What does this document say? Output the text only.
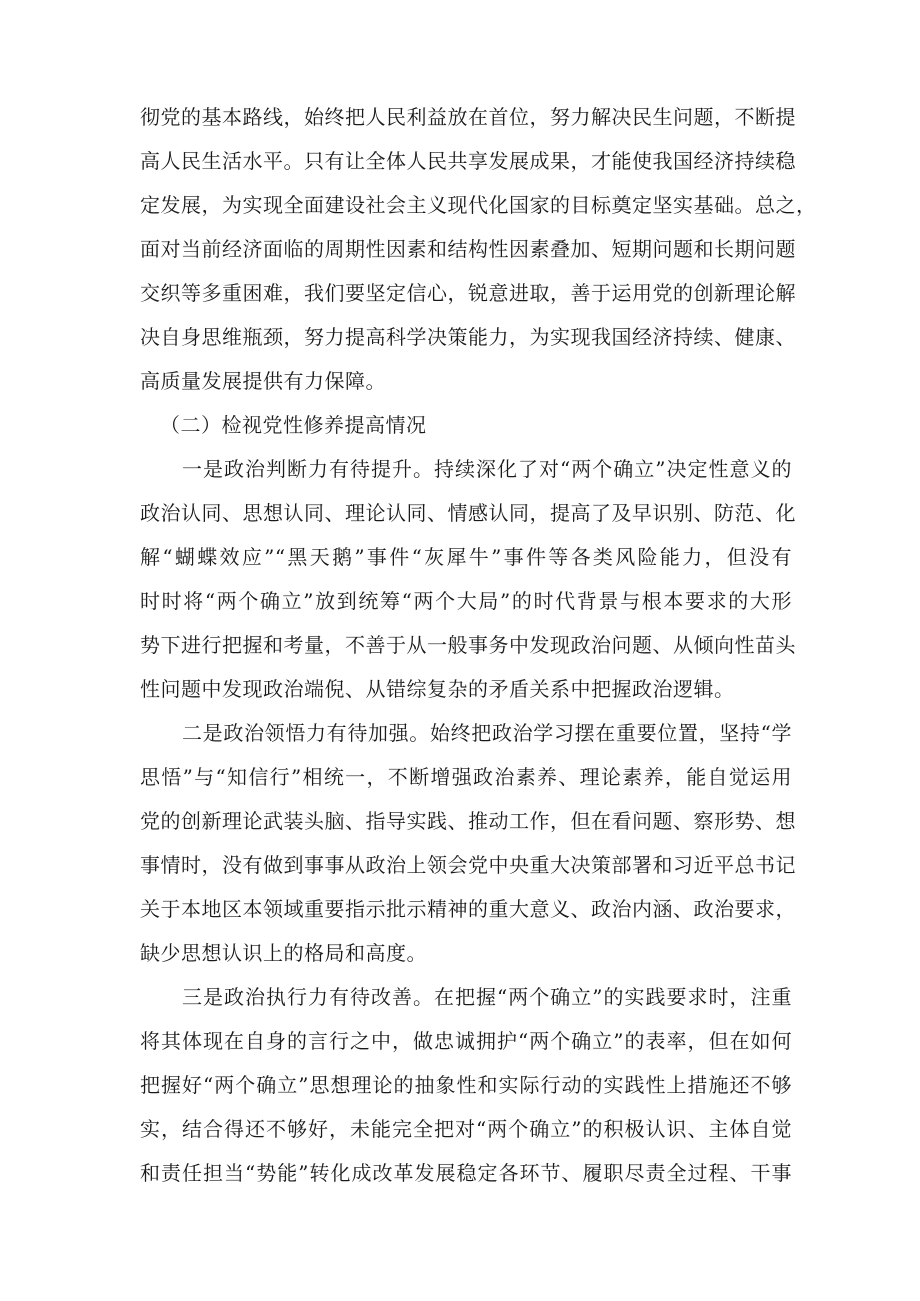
彻党的基本路线，始终把人民利益放在首位，努力解决民生问题，不断提
高人民生活水平。只有让全体人民共享发展成果，才能使我国经济持续稳
定发展，为实现全面建设社会主义现代化国家的目标奠定坚实基础。总之，
面对当前经济面临的周期性因素和结构性因素叠加、短期问题和长期问题
交织等多重困难，我们要坚定信心，锐意进取，善于运用党的创新理论解
决自身思维瓶颈，努力提高科学决策能力，为实现我国经济持续、健康、
高质量发展提供有力保障。
（二）检视党性修养提高情况
一是政治判断力有待提升。持续深化了对“两个确立”决定性意义的
政治认同、思想认同、理论认同、情感认同，提高了及早识别、防范、化
解“蝴蝶效应”“黑天鹅”事件“灰犀牛”事件等各类风险能力，但没有
时时将“两个确立”放到统筹“两个大局”的时代背景与根本要求的大形
势下进行把握和考量，不善于从一般事务中发现政治问题、从倾向性苗头
性问题中发现政治端倪、从错综复杂的矛盾关系中把握政治逻辑。
二是政治领悟力有待加强。始终把政治学习摆在重要位置，坚持“学
思悟”与“知信行”相统一，不断增强政治素养、理论素养，能自觉运用
党的创新理论武装头脑、指导实践、推动工作，但在看问题、察形势、想
事情时，没有做到事事从政治上领会党中央重大决策部署和习近平总书记
关于本地区本领域重要指示批示精神的重大意义、政治内涵、政治要求，
缺少思想认识上的格局和高度。
三是政治执行力有待改善。在把握“两个确立”的实践要求时，注重
将其体现在自身的言行之中，做忠诚拥护“两个确立”的表率，但在如何
把握好“两个确立”思想理论的抽象性和实际行动的实践性上措施还不够
实，结合得还不够好，未能完全把对“两个确立”的积极认识、主体自觉
和责任担当“势能”转化成改革发展稳定各环节、履职尽责全过程、干事
